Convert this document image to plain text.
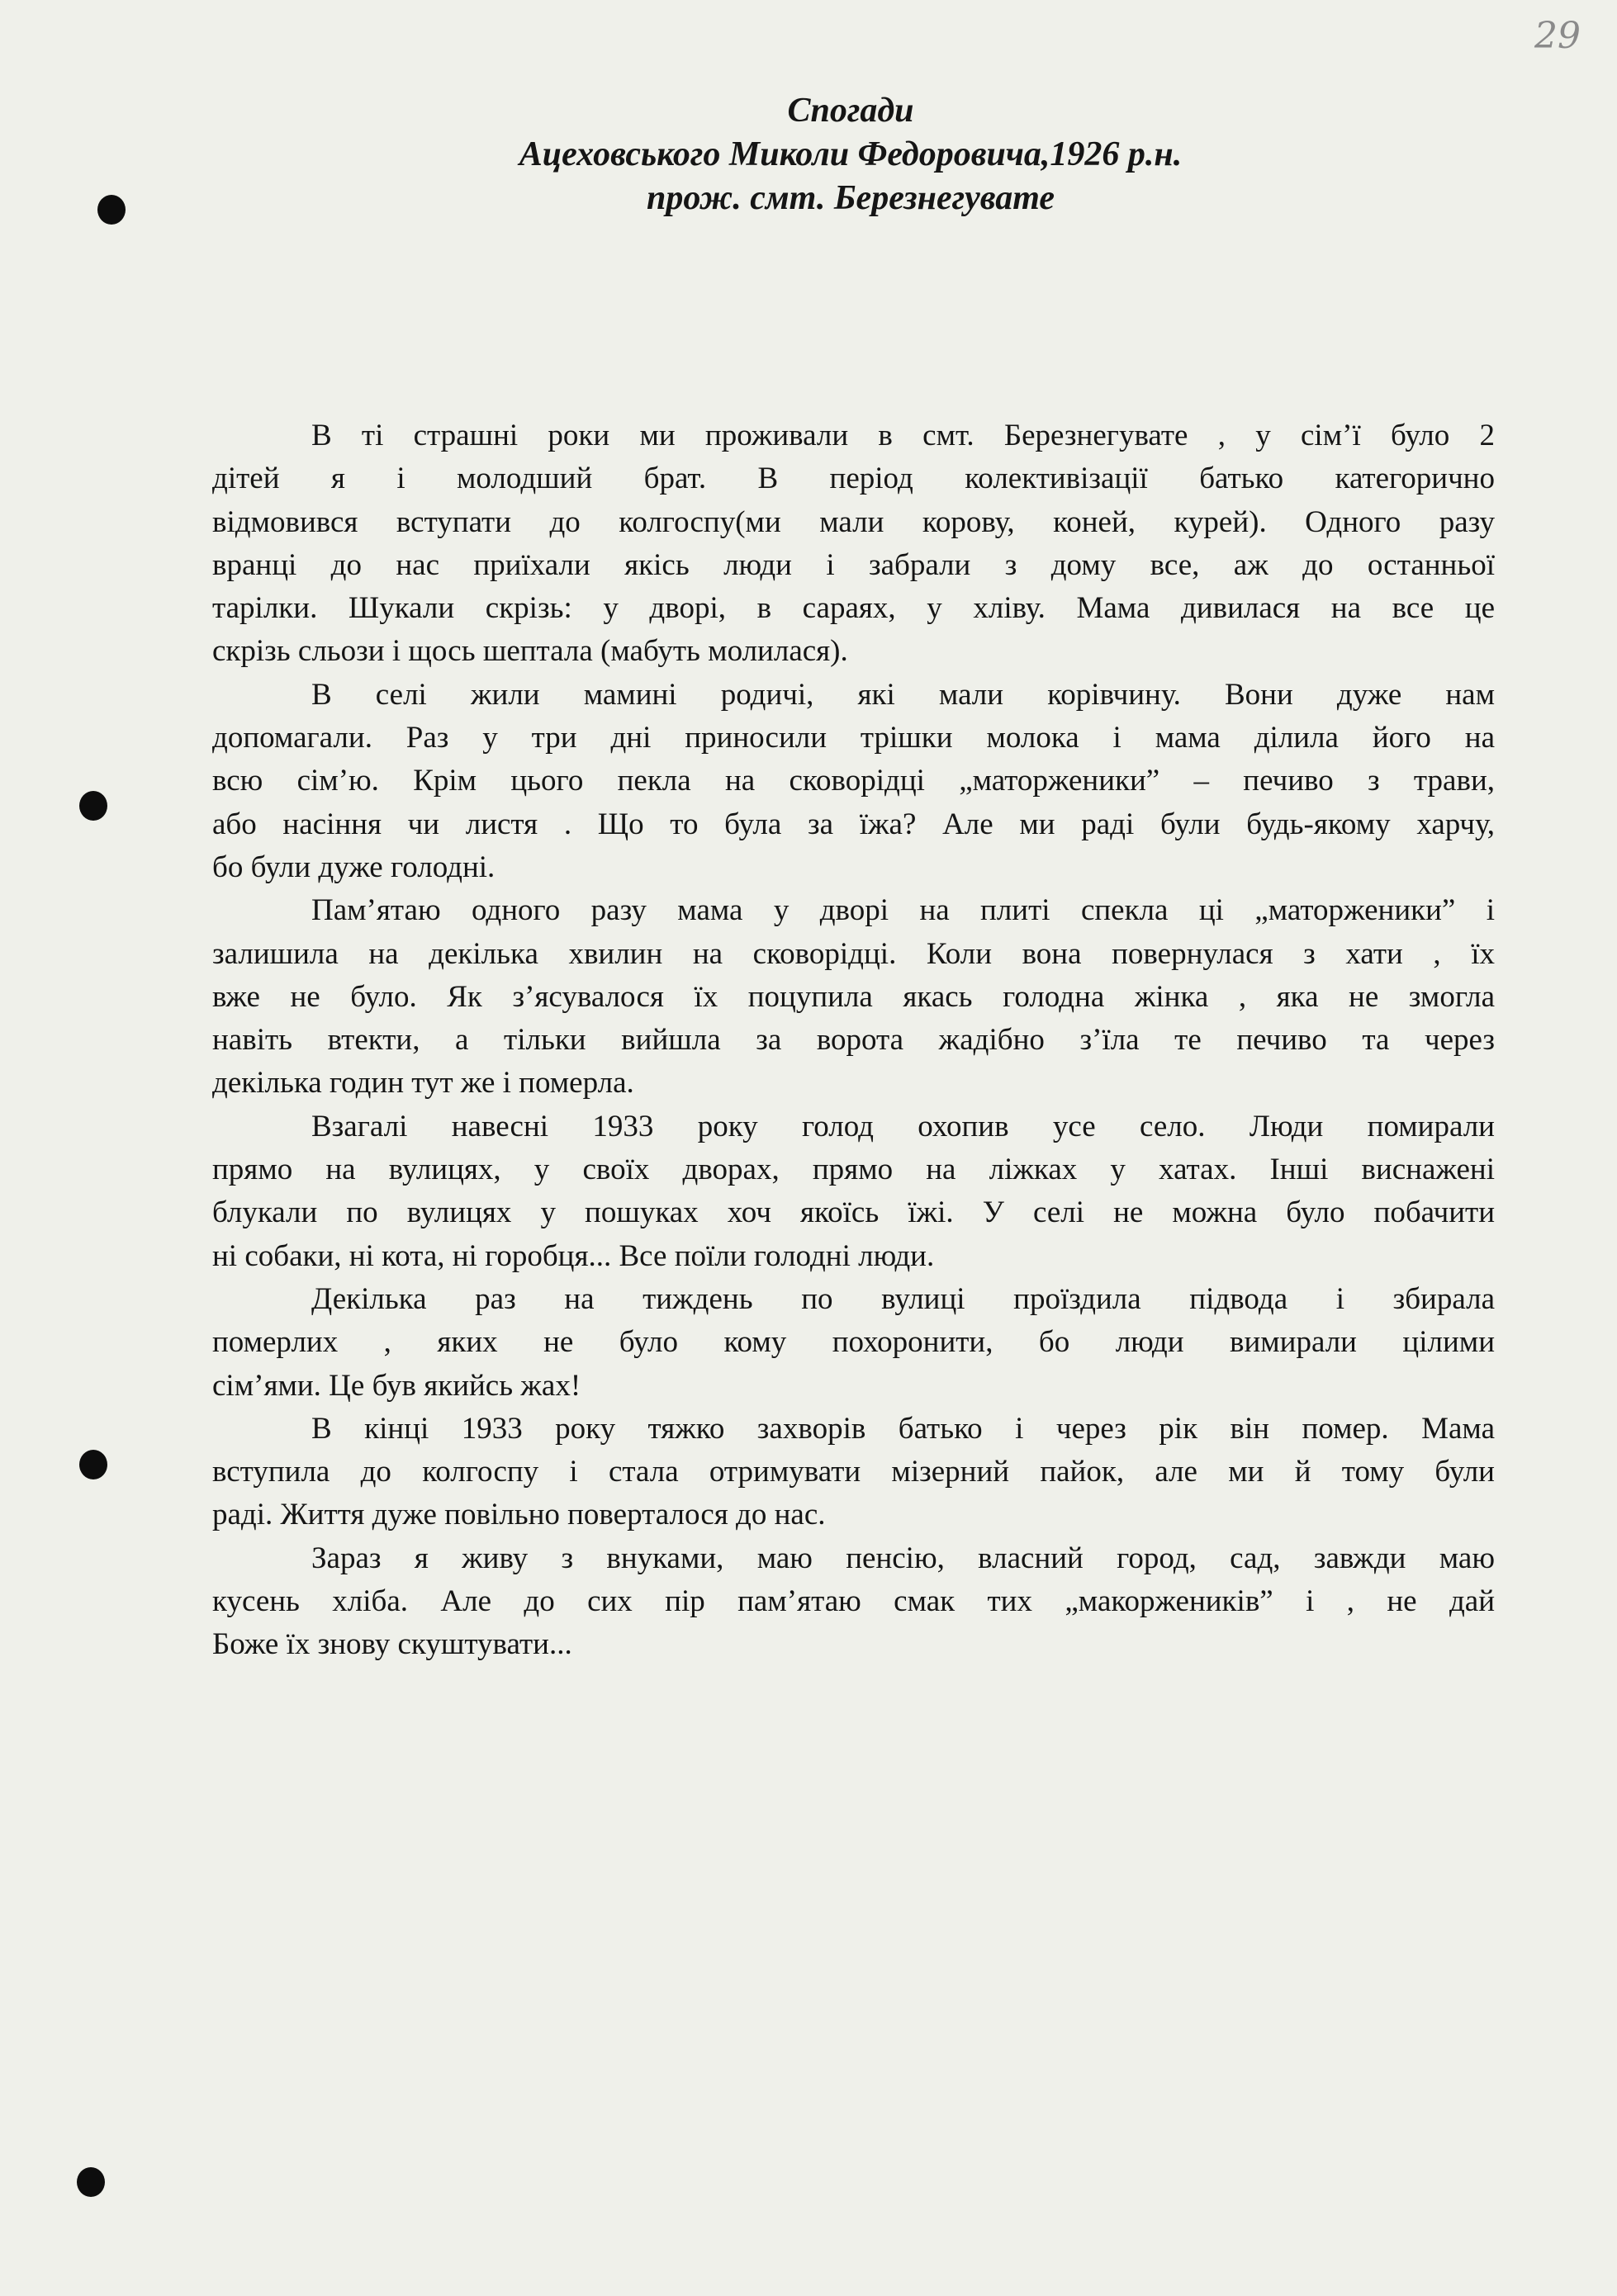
29
Спогади
Ацеховського Миколи Федоровича,1926 р.н.
прож. смт. Березнегувате
В ті страшні роки ми проживали в смт. Березнегувате , у сім’ї було 2
дітей я і молодший брат. В період колективізації батько категорично
відмовився вступати до колгоспу(ми мали корову, коней, курей). Одного разу
вранці до нас приїхали якісь люди і забрали з дому все, аж до останньої
тарілки. Шукали скрізь: у дворі, в сараях, у хліву. Мама дивилася на все це
скрізь сльози і щось шептала (мабуть молилася).
В селі жили мамині родичі, які мали корівчину. Вони дуже нам
допомагали. Раз у три дні приносили трішки молока і мама ділила його на
всю сім’ю. Крім цього пекла на сковорідці „маторженики” – печиво з трави,
або насіння чи листя . Що то була за їжа? Але ми раді були будь-якому харчу,
бо були дуже голодні.
Пам’ятаю одного разу мама у дворі на плиті спекла ці „маторженики” і
залишила на декілька хвилин на сковорідці. Коли вона повернулася з хати , їх
вже не було. Як з’ясувалося їх поцупила якась голодна жінка , яка не змогла
навіть втекти, а тільки вийшла за ворота жадібно з’їла те печиво та через
декілька годин тут же і померла.
Взагалі навесні 1933 року голод охопив усе село. Люди помирали
прямо на вулицях, у своїх дворах, прямо на ліжках у хатах. Інші виснажені
блукали по вулицях у пошуках хоч якоїсь їжі. У селі не можна було побачити
ні собаки, ні кота, ні горобця... Все поїли голодні люди.
Декілька раз на тиждень по вулиці проїздила підвода і збирала
померлих , яких не було кому похоронити, бо люди вимирали цілими
сім’ями. Це був якийсь жах!
В кінці 1933 року тяжко захворів батько і через рік він помер. Мама
вступила до колгоспу і стала отримувати мізерний пайок, але ми й тому були
раді. Життя дуже повільно поверталося до нас.
Зараз я живу з внуками, маю пенсію, власний город, сад, завжди маю
кусень хліба. Але до сих пір пам’ятаю смак тих „макоржеників” і , не дай
Боже їх знову скуштувати...
